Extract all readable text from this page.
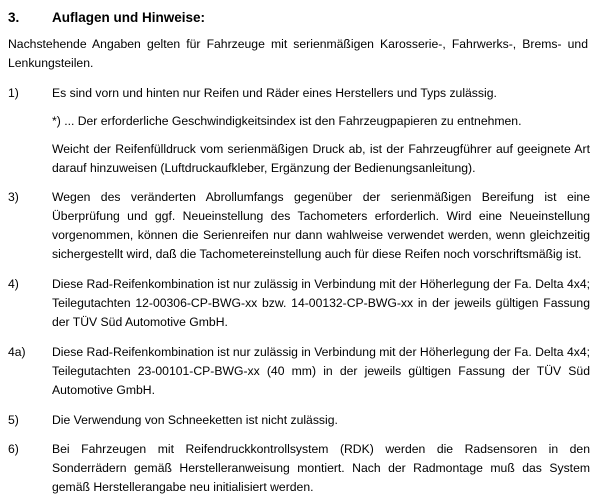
3.	Auflagen und Hinweise:

Nachstehende Angaben gelten für Fahrzeuge mit serienmäßigen Karosserie-, Fahrwerks-, Brems- und Lenkungsteilen.

1)	Es sind vorn und hinten nur Reifen und Räder eines Herstellers und Typs zulässig.

*) ... Der erforderliche Geschwindigkeitsindex ist den Fahrzeugpapieren zu entnehmen.

Weicht der Reifenfülldruck vom serienmäßigen Druck ab, ist der Fahrzeugführer auf geeignete Art darauf hinzuweisen (Luftdruckaufkleber, Ergänzung der Bedienungsanleitung).

3)	Wegen des veränderten Abrollumfangs gegenüber der serienmäßigen Bereifung ist eine Überprüfung und ggf. Neueinstellung des Tachometers erforderlich. Wird eine Neueinstellung vorgenommen, können die Serienreifen nur dann wahlweise verwendet werden, wenn gleichzeitig sichergestellt wird, daß die Tachometereinstellung auch für diese Reifen noch vorschriftsmäßig ist.

4)	Diese Rad-Reifenkombination ist nur zulässig in Verbindung mit der Höherlegung der Fa. Delta 4x4; Teilegutachten 12-00306-CP-BWG-xx bzw. 14-00132-CP-BWG-xx in der jeweils gültigen Fassung der TÜV Süd Automotive GmbH.

4a)	Diese Rad-Reifenkombination ist nur zulässig in Verbindung mit der Höherlegung der Fa. Delta 4x4; Teilegutachten 23-00101-CP-BWG-xx (40 mm) in der jeweils gültigen Fassung der TÜV Süd Automotive GmbH.

5)	Die Verwendung von Schneeketten ist nicht zulässig.

6)	Bei Fahrzeugen mit Reifendruckkontrollsystem (RDK) werden die Radsensoren in den Sonderrädern gemäß Herstelleranweisung montiert. Nach der Radmontage muß das System gemäß Herstellerangabe neu initialisiert werden.
